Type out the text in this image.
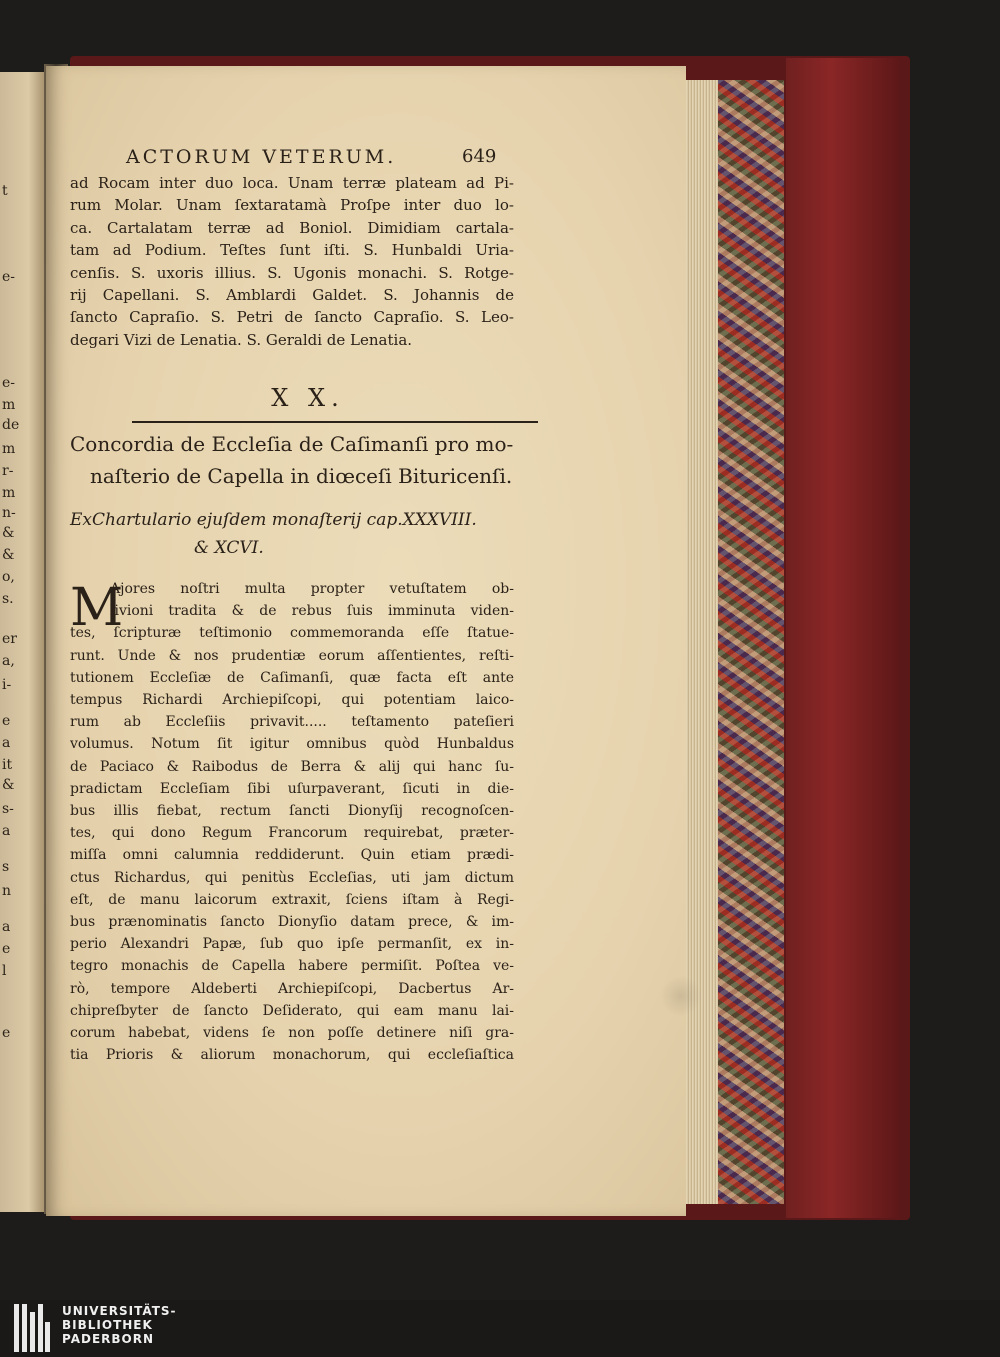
ACTORUM VETERUM.	649
ad Rocam inter duo loca. Unam terræ plateam ad Pi-
rum Molar. Unam ſextaratamà Proſpe inter duo lo-
ca. Cartalatam terræ ad Boniol. Dimidiam cartala-
tam ad Podium. Teſtes ſunt iſti. S. Hunbaldi Uria-
cenſis. S. uxoris illius. S. Ugonis monachi. S. Rotge-
rij Capellani. S. Amblardi Galdet. S. Johannis de
ſancto Capraſio. S. Petri de ſancto Capraſio. S. Leo-
degari Vizi de Lenatia. S. Geraldi de Lenatia.
X X.
Concordia de Eccleſia de Caſimanſi pro mo-
naſterio de Capella in diœceſi Bituricenſi.
ExChartulario ejuſdem monaſterij cap.XXXVIII.
& XCVI.
M
Ajores noſtri multa propter vetuſtatem ob-
livioni tradita & de rebus ſuis imminuta viden-
tes, ſcripturæ teſtimonio commemoranda eſſe ſtatue-
runt. Unde & nos prudentiæ eorum aſſentientes, reſti-
tutionem Eccleſiæ de Caſimanſi, quæ facta eſt ante
tempus Richardi Archiepiſcopi, qui potentiam laico-
rum ab Eccleſiis privavit..... teſtamento pateſieri
volumus. Notum ſit igitur omnibus quòd Hunbaldus
de Paciaco & Raibodus de Berra & alij qui hanc ſu-
pradictam Eccleſiam ſibi uſurpaverant, ſicuti in die-
bus illis fiebat, rectum ſancti Dionyſij recognoſcen-
tes, qui dono Regum Francorum requirebat, præter-
miſſa omni calumnia reddiderunt. Quin etiam prædi-
ctus Richardus, qui penitùs Eccleſias, uti jam dictum
eſt, de manu laicorum extraxit, ſciens iſtam à Regi-
bus prænominatis ſancto Dionyſio datam prece, & im-
perio Alexandri Papæ, ſub quo ipſe permanſit, ex in-
tegro monachis de Capella habere permiſit. Poſtea ve-
rò, tempore Aldeberti Archiepiſcopi, Dacbertus Ar-
chipreſbyter de ſancto Deſiderato, qui eam manu lai-
corum habebat, videns ſe non poſſe detinere niſi gra-
tia Prioris & aliorum monachorum, qui eccleſiaſtica
t
e-
e-
m
de
m
r-
m
n-
&
&
o,
s.
er
a,
i-
e
a
it
&
s-
a
s
n
a
e
l
e
UNIVERSITÄTS-
BIBLIOTHEK
PADERBORN
